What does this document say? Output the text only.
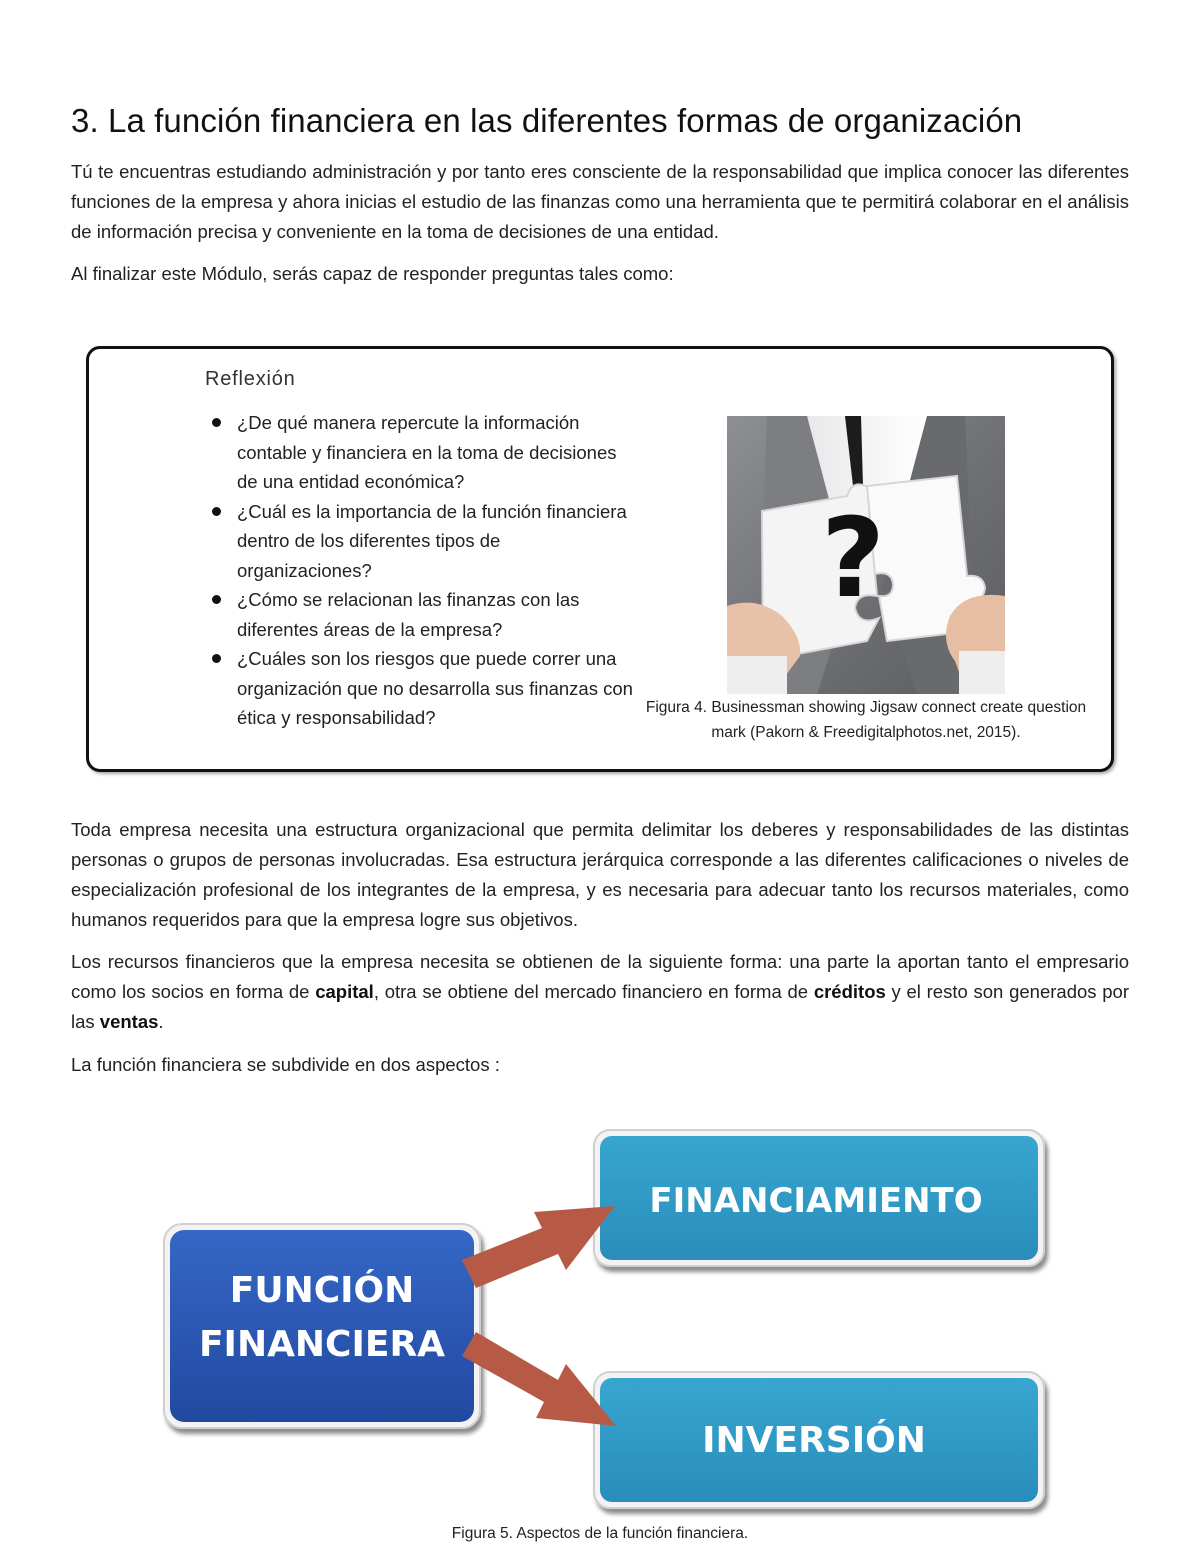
3. La función financiera en las diferentes formas de organización

Tú te encuentras estudiando administración y por tanto eres consciente de la responsabilidad que implica conocer las diferentes funciones de la empresa y ahora inicias el estudio de las finanzas como una herramienta que te permitirá colaborar en el análisis de información precisa y conveniente en la toma de decisiones de una entidad.

Al finalizar este Módulo, serás capaz de responder preguntas tales como:

Reflexión
¿De qué manera repercute la información contable y financiera en la toma de decisiones de una entidad económica?
¿Cuál es la importancia de la función financiera dentro de los diferentes tipos de organizaciones?
¿Cómo se relacionan las finanzas con las diferentes áreas de la empresa?
¿Cuáles son los riesgos que puede correr una organización que no desarrolla sus finanzas con ética y responsabilidad?
?
Figura 4. Businessman showing Jigsaw connect create question mark (Pakorn & Freedigitalphotos.net, 2015).

Toda empresa necesita una estructura organizacional que permita delimitar los deberes y responsabilidades de las distintas personas o grupos de personas involucradas. Esa estructura jerárquica corresponde a las diferentes calificaciones o niveles de especialización profesional de los integrantes de la empresa, y es necesaria para adecuar tanto los recursos materiales, como humanos requeridos para que la empresa logre sus objetivos.

Los recursos financieros que la empresa necesita se obtienen de la siguiente forma: una parte la aportan tanto el empresario como los socios en forma de capital, otra se obtiene del mercado financiero en forma de créditos y el resto son generados por las ventas.

La función financiera se subdivide en dos aspectos :

FUNCIÓN
FINANCIERA
FINANCIAMIENTO
INVERSIÓN
Figura 5. Aspectos de la función financiera.
